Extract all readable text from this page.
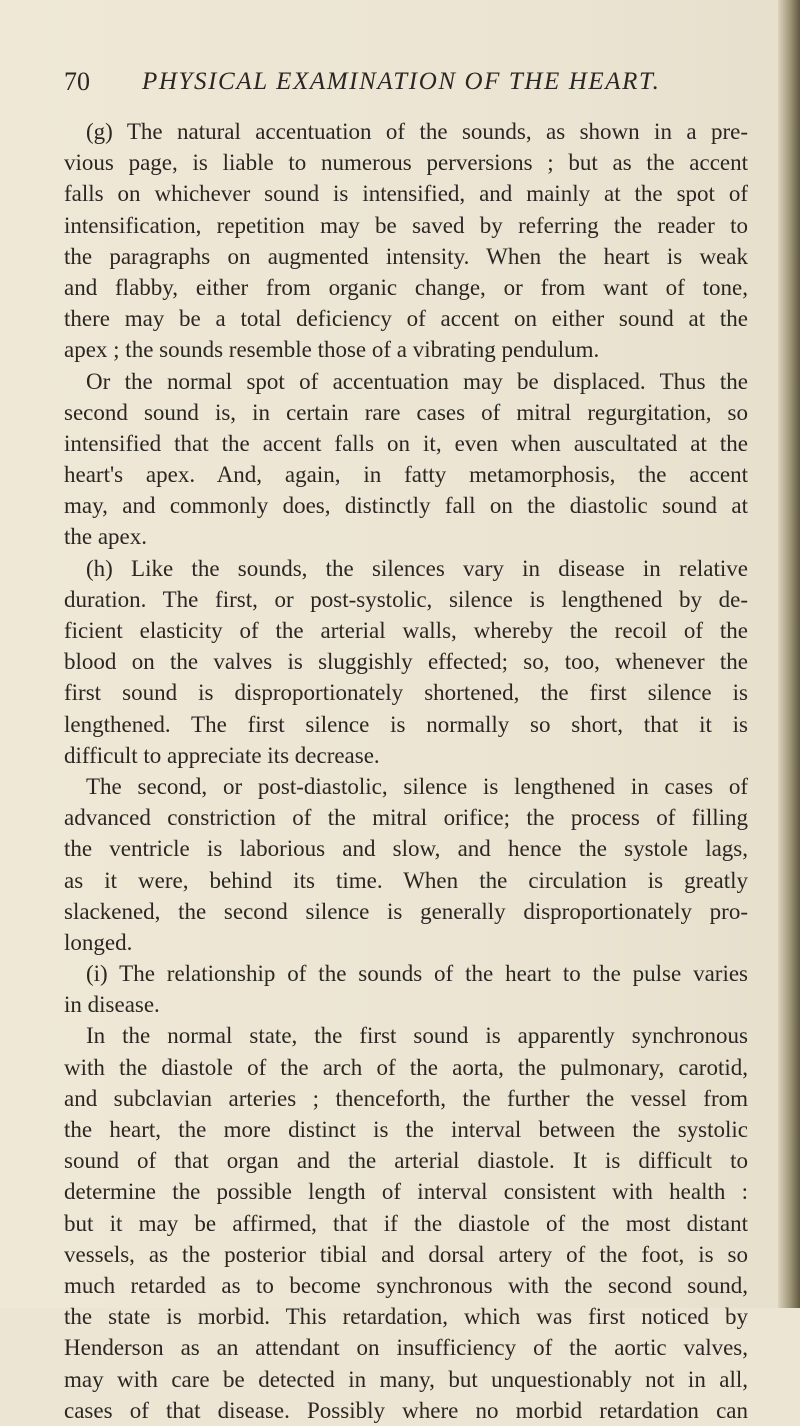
70 PHYSICAL EXAMINATION OF THE HEART.
(g) The natural accentuation of the sounds, as shown in a pre-
vious page, is liable to numerous perversions ; but as the accent
falls on whichever sound is intensified, and mainly at the spot of
intensification, repetition may be saved by referring the reader to
the paragraphs on augmented intensity. When the heart is weak
and flabby, either from organic change, or from want of tone,
there may be a total deficiency of accent on either sound at the
apex ; the sounds resemble those of a vibrating pendulum.
Or the normal spot of accentuation may be displaced. Thus the
second sound is, in certain rare cases of mitral regurgitation, so
intensified that the accent falls on it, even when auscultated at the
heart's apex. And, again, in fatty metamorphosis, the accent
may, and commonly does, distinctly fall on the diastolic sound at
the apex.
(h) Like the sounds, the silences vary in disease in relative
duration. The first, or post-systolic, silence is lengthened by de-
ficient elasticity of the arterial walls, whereby the recoil of the
blood on the valves is sluggishly effected; so, too, whenever the
first sound is disproportionately shortened, the first silence is
lengthened. The first silence is normally so short, that it is
difficult to appreciate its decrease.
The second, or post-diastolic, silence is lengthened in cases of
advanced constriction of the mitral orifice; the process of filling
the ventricle is laborious and slow, and hence the systole lags,
as it were, behind its time. When the circulation is greatly
slackened, the second silence is generally disproportionately pro-
longed.
(i) The relationship of the sounds of the heart to the pulse varies
in disease.
In the normal state, the first sound is apparently synchronous
with the diastole of the arch of the aorta, the pulmonary, carotid,
and subclavian arteries ; thenceforth, the further the vessel from
the heart, the more distinct is the interval between the systolic
sound of that organ and the arterial diastole. It is difficult to
determine the possible length of interval consistent with health :
but it may be affirmed, that if the diastole of the most distant
vessels, as the posterior tibial and dorsal artery of the foot, is so
much retarded as to become synchronous with the second sound,
the state is morbid. This retardation, which was first noticed by
Henderson as an attendant on insufficiency of the aortic valves,
may with care be detected in many, but unquestionably not in all,
cases of that disease. Possibly where no morbid retardation can
